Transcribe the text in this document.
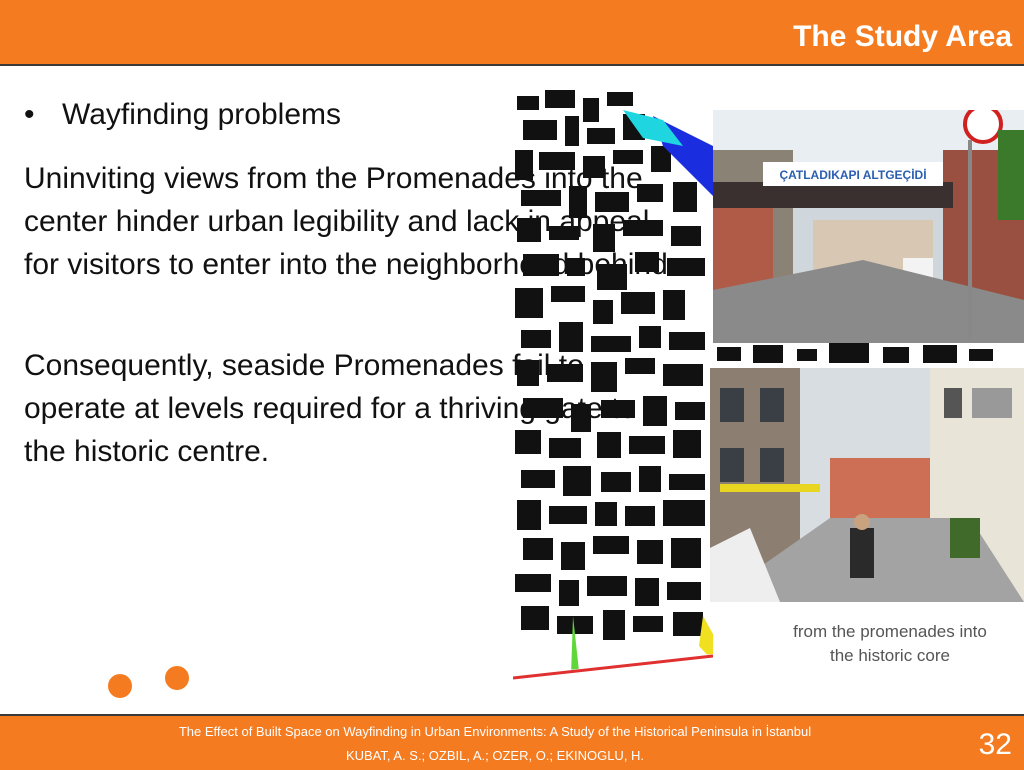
The Study Area
ÇATLADIKAPI ALTGEÇİDİ
from the promenades into
the historic core
• Wayfinding problems
Uninviting views from the Promenades into the center hinder urban legibility and lack in appeal for visitors to enter into the neighborhood behind.
Consequently, seaside Promenades fail to operate at levels required for a thriving gate to the historic centre.
The Effect of Built Space on Wayfinding in Urban Environments: A Study of the Historical Peninsula in İstanbul
KUBAT, A. S.; OZBIL, A.; OZER, O.; EKINOGLU, H.	32
